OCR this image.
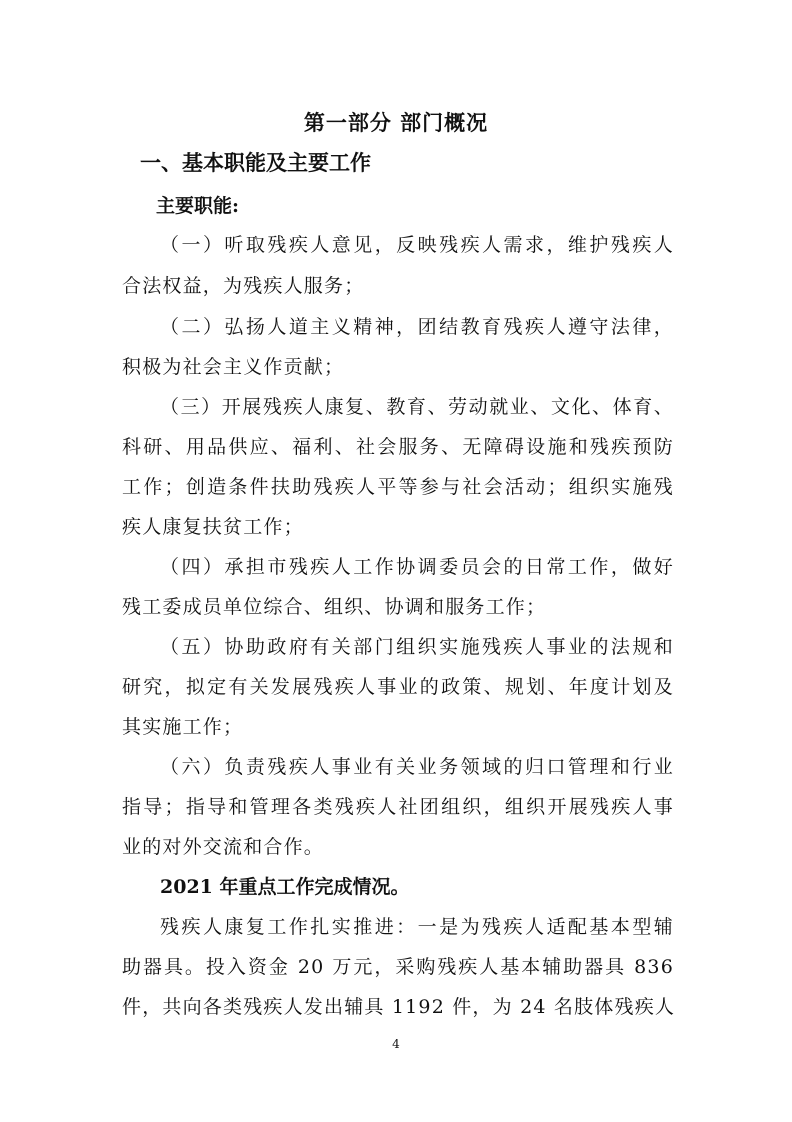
第一部分 部门概况
一、基本职能及主要工作
主要职能:
（一）听取残疾人意见，反映残疾人需求，维护残疾人
合法权益，为残疾人服务；
（二）弘扬人道主义精神，团结教育残疾人遵守法律，
积极为社会主义作贡献；
（三）开展残疾人康复、教育、劳动就业、文化、体育、
科研、用品供应、福利、社会服务、无障碍设施和残疾预防
工作；创造条件扶助残疾人平等参与社会活动；组织实施残
疾人康复扶贫工作；
（四）承担市残疾人工作协调委员会的日常工作，做好
残工委成员单位综合、组织、协调和服务工作；
（五）协助政府有关部门组织实施残疾人事业的法规和
研究，拟定有关发展残疾人事业的政策、规划、年度计划及
其实施工作；
（六）负责残疾人事业有关业务领域的归口管理和行业
指导；指导和管理各类残疾人社团组织，组织开展残疾人事
业的对外交流和合作。
2021 年重点工作完成情况。
残疾人康复工作扎实推进：一是为残疾人适配基本型辅
助器具。投入资金 20 万元，采购残疾人基本辅助器具 836
件，共向各类残疾人发出辅具 1192 件，为 24 名肢体残疾人
4
